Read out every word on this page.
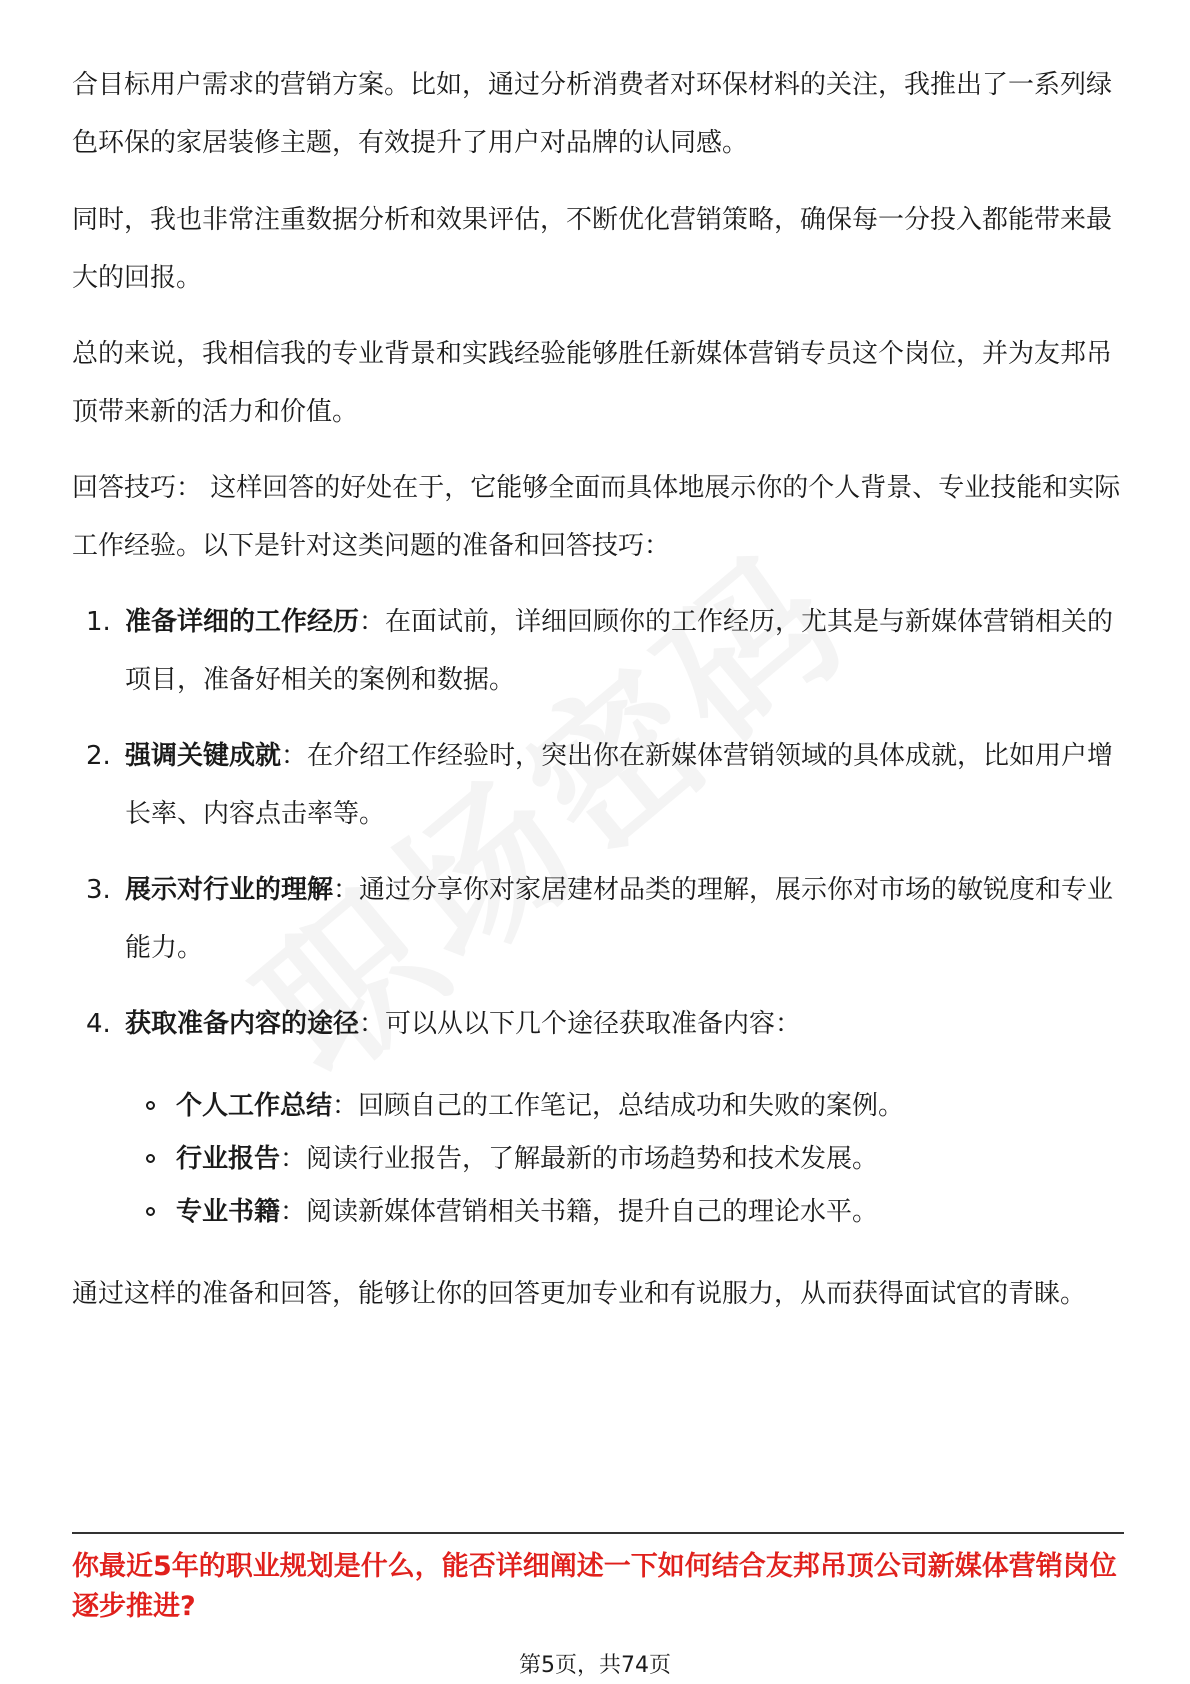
合目标用户需求的营销方案。比如，通过分析消费者对环保材料的关注，我推出了一系列绿色环保的家居装修主题，有效提升了用户对品牌的认同感。

同时，我也非常注重数据分析和效果评估，不断优化营销策略，确保每一分投入都能带来最大的回报。

总的来说，我相信我的专业背景和实践经验能够胜任新媒体营销专员这个岗位，并为友邦吊顶带来新的活力和价值。

回答技巧： 这样回答的好处在于，它能够全面而具体地展示你的个人背景、专业技能和实际工作经验。以下是针对这类问题的准备和回答技巧：

1. 准备详细的工作经历：在面试前，详细回顾你的工作经历，尤其是与新媒体营销相关的项目，准备好相关的案例和数据。
2. 强调关键成就：在介绍工作经验时，突出你在新媒体营销领域的具体成就，比如用户增长率、内容点击率等。
3. 展示对行业的理解：通过分享你对家居建材品类的理解，展示你对市场的敏锐度和专业能力。
4. 获取准备内容的途径：可以从以下几个途径获取准备内容：
个人工作总结：回顾自己的工作笔记，总结成功和失败的案例。
行业报告：阅读行业报告，了解最新的市场趋势和技术发展。
专业书籍：阅读新媒体营销相关书籍，提升自己的理论水平。

通过这样的准备和回答，能够让你的回答更加专业和有说服力，从而获得面试官的青睐。

你最近5年的职业规划是什么，能否详细阐述一下如何结合友邦吊顶公司新媒体营销岗位逐步推进?

第5页，共74页
